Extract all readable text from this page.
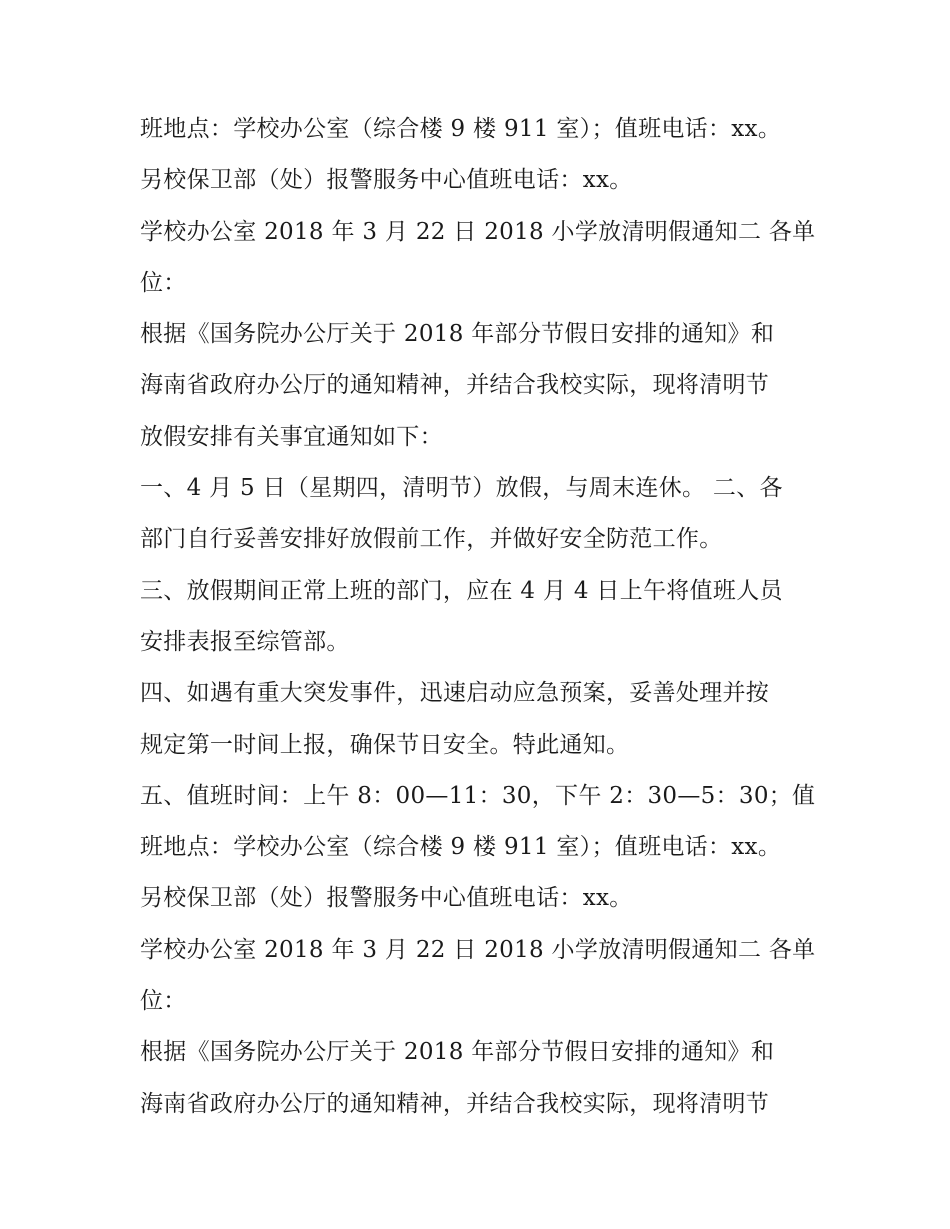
班地点：学校办公室（综合楼 9 楼 911 室）；值班电话：xx。
另校保卫部（处）报警服务中心值班电话：xx。
学校办公室 2018 年 3 月 22 日 2018 小学放清明假通知二 各单
位：
根据《国务院办公厅关于 2018 年部分节假日安排的通知》和
海南省政府办公厅的通知精神，并结合我校实际，现将清明节
放假安排有关事宜通知如下：
一、4 月 5 日（星期四，清明节）放假，与周末连休。 二、各
部门自行妥善安排好放假前工作，并做好安全防范工作。
三、放假期间正常上班的部门，应在 4 月 4 日上午将值班人员
安排表报至综管部。
四、如遇有重大突发事件，迅速启动应急预案，妥善处理并按
规定第一时间上报，确保节日安全。特此通知。
五、值班时间：上午 8：00—11：30，下午 2：30—5：30；值
班地点：学校办公室（综合楼 9 楼 911 室）；值班电话：xx。
另校保卫部（处）报警服务中心值班电话：xx。
学校办公室 2018 年 3 月 22 日 2018 小学放清明假通知二 各单
位：
根据《国务院办公厅关于 2018 年部分节假日安排的通知》和
海南省政府办公厅的通知精神，并结合我校实际，现将清明节
